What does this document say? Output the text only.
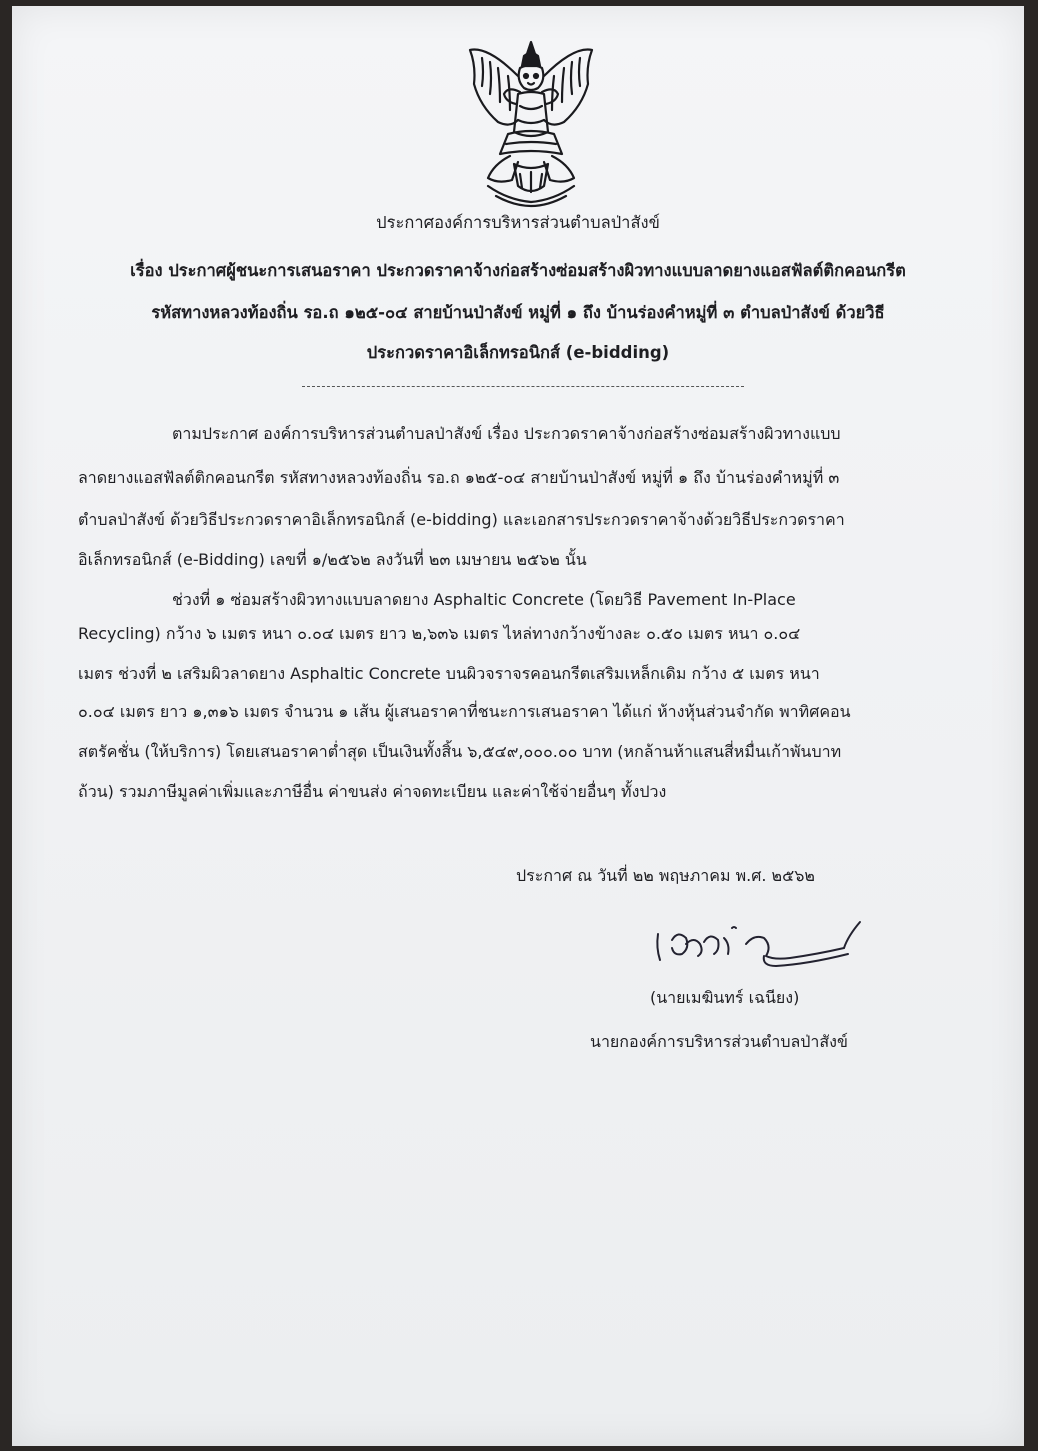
ประกาศองค์การบริหารส่วนตำบลป่าสังข์
เรื่อง ประกาศผู้ชนะการเสนอราคา ประกวดราคาจ้างก่อสร้างซ่อมสร้างผิวทางแบบลาดยางแอสฟัลต์ติกคอนกรีต
รหัสทางหลวงท้องถิ่น รอ.ถ ๑๒๕-๐๔ สายบ้านป่าสังข์ หมู่ที่ ๑ ถึง บ้านร่องคำหมู่ที่ ๓ ตำบลป่าสังข์ ด้วยวิธี
ประกวดราคาอิเล็กทรอนิกส์ (e-bidding)
ตามประกาศ องค์การบริหารส่วนตำบลป่าสังข์ เรื่อง ประกวดราคาจ้างก่อสร้างซ่อมสร้างผิวทางแบบ
ลาดยางแอสฟัลต์ติกคอนกรีต รหัสทางหลวงท้องถิ่น รอ.ถ ๑๒๕-๐๔ สายบ้านป่าสังข์ หมู่ที่ ๑ ถึง บ้านร่องคำหมู่ที่ ๓
ตำบลป่าสังข์ ด้วยวิธีประกวดราคาอิเล็กทรอนิกส์ (e-bidding) และเอกสารประกวดราคาจ้างด้วยวิธีประกวดราคา
อิเล็กทรอนิกส์ (e-Bidding) เลขที่ ๑/๒๕๖๒ ลงวันที่ ๒๓ เมษายน ๒๕๖๒ นั้น
ช่วงที่ ๑ ซ่อมสร้างผิวทางแบบลาดยาง Asphaltic Concrete (โดยวิธี Pavement In-Place
Recycling) กว้าง ๖ เมตร หนา ๐.๐๔ เมตร ยาว ๒,๖๓๖ เมตร ไหล่ทางกว้างข้างละ ๐.๕๐ เมตร หนา ๐.๐๔
เมตร ช่วงที่ ๒ เสริมผิวลาดยาง Asphaltic Concrete บนผิวจราจรคอนกรีตเสริมเหล็กเดิม กว้าง ๕ เมตร หนา
๐.๐๔ เมตร ยาว ๑,๓๑๖ เมตร จำนวน ๑ เส้น ผู้เสนอราคาที่ชนะการเสนอราคา ได้แก่ ห้างหุ้นส่วนจำกัด พาทิศคอน
สตรัคชั่น (ให้บริการ) โดยเสนอราคาต่ำสุด เป็นเงินทั้งสิ้น ๖,๕๔๙,๐๐๐.๐๐ บาท (หกล้านห้าแสนสี่หมื่นเก้าพันบาท
ถ้วน) รวมภาษีมูลค่าเพิ่มและภาษีอื่น ค่าขนส่ง ค่าจดทะเบียน และค่าใช้จ่ายอื่นๆ ทั้งปวง
ประกาศ ณ วันที่ ๒๒ พฤษภาคม พ.ศ. ๒๕๖๒
(นายเมฆินทร์ เฉนียง)
นายกองค์การบริหารส่วนตำบลป่าสังข์
